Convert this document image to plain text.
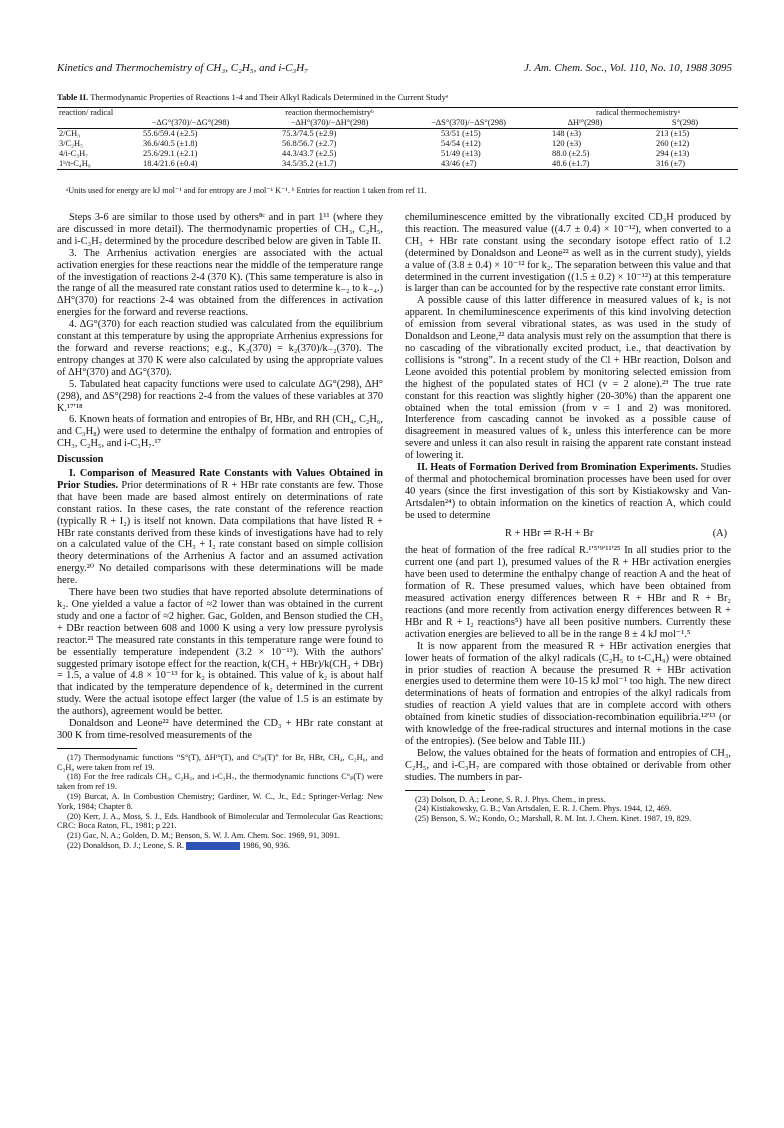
Kinetics and Thermochemistry of CH₃, C₂H₅, and i-C₃H₇	J. Am. Chem. Soc., Vol. 110, No. 10, 1988 3095
Table II. Thermodynamic Properties of Reactions 1-4 and Their Alkyl Radicals Determined in the Current Studyᵃ
reaction/ radical	reaction thermochemistryᵇ			radical thermochemistryᵃ	
	−ΔG°(370)/−ΔG°(298)	−ΔH°(370)/−ΔH°(298)	−ΔS°(370)/−ΔS°(298)	ΔHᶠ°(298)	S°(298)
2/CH₃	55.6/59.4 (±2.5)	75.3/74.5 (±2.9)	53/51 (±15)	148 (±3)	213 (±15)
3/C₂H₅	36.6/40.5 (±1.8)	56.8/56.7 (±2.7)	54/54 (±12)	120 (±3)	260 (±12)
4/i-C₃H₇	25.6/29.1 (±2.1)	44.3/43.7 (±2.5)	51/49 (±13)	88.0 (±2.5)	294 (±13)
1ᵇ/t-C₄H₉	18.4/21.6 (±0.4)	34.5/35.2 (±1.7)	43/46 (±7)	48.6 (±1.7)	316 (±7)
ᵃUnits used for energy are kJ mol⁻¹ and for entropy are J mol⁻¹ K⁻¹. ᵇ Entries for reaction 1 taken from ref 11.

Steps 3-6 are similar to those used by others⁸ᶜ and in part 1¹¹ (where they are discussed in more detail). The thermodynamic properties of CH₃, C₂H₅, and i-C₃H₇ determined by the procedure described below are given in Table II.

3. The Arrhenius activation energies are associated with the actual activation energies for these reactions near the middle of the temperature range of the investigation of reactions 2-4 (370 K). (This same temperature is also in the range of all the measured rate constant ratios used to determine k₋₂ to k₋₄.) ΔH°(370) for reactions 2-4 was obtained from the differences in activation energies for the forward and reverse reactions.

4. ΔG°(370) for each reaction studied was calculated from the equilibrium constant at this temperature by using the appropriate Arrhenius expressions for the forward and reverse reactions; e.g., K₂(370) = k₂(370)/k₋₂(370). The entropy changes at 370 K were also calculated by using the appropriate values of ΔH°(370) and ΔG°(370).

5. Tabulated heat capacity functions were used to calculate ΔG°(298), ΔH°(298), and ΔS°(298) for reactions 2-4 from the values of these variables at 370 K.¹⁷ʹ¹⁸

6. Known heats of formation and entropies of Br, HBr, and RH (CH₄, C₂H₆, and C₃H₈) were used to determine the enthalpy of formation and entropies of CH₃, C₂H₅, and i-C₃H₇.¹⁷

Discussion

I. Comparison of Measured Rate Constants with Values Obtained in Prior Studies. Prior determinations of R + HBr rate constants are few. Those that have been made are based almost entirely on determinations of rate constant ratios. In these cases, the rate constant of the reference reaction (typically R + I₂) is itself not known. Data compilations that have listed R + HBr rate constants derived from these kinds of investigations have had to rely on a calculated value of the CH₃ + I₂ rate constant based on simple collision theory determinations of the Arrhenius A factor and an assumed activation energy.²⁰ No detailed comparisons with these determinations will be made here.

There have been two studies that have reported absolute determinations of k₂. One yielded a value a factor of ≈2 lower than was obtained in the current study and one a factor of ≈2 higher. Gac, Golden, and Benson studied the CH₃ + DBr reaction between 608 and 1000 K using a very low pressure pyrolysis reactor.²¹ The measured rate constants in this temperature range were found to be essentially temperature independent (3.2 × 10⁻¹³). With the authors' suggested primary isotope effect for the reaction, k(CH₃ + HBr)/k(CH₃ + DBr) = 1.5, a value of 4.8 × 10⁻¹³ for k₂ is obtained. This value of k₂ is about half that indicated by the temperature dependence of k₂ determined in the current study. Were the actual isotope effect larger (the value of 1.5 is an estimate by the authors), agreement would be better.

Donaldson and Leone²² have determined the CD₃ + HBr rate constant at 300 K from time-resolved measurements of the

(17) Thermodynamic functions “S°(T), ΔHᶠ°(T), and C°ₚ(T)” for Br, HBr, CH₄, C₂H₆, and C₃H₈ were taken from ref 19.

(18) For the free radicals CH₃, C₂H₅, and i-C₃H₇, the thermodynamic functions C°ₚ(T) were taken from ref 19.

(19) Burcat, A. In Combustion Chemistry; Gardiner, W. C., Jr., Ed.; Springer-Verlag: New York, 1984; Chapter 8.

(20) Kerr, J. A., Moss, S. J., Eds. Handbook of Bimolecular and Termolecular Gas Reactions; CRC: Boca Raton, FL, 1981; p 221.

(21) Gac, N. A.; Golden, D. M.; Benson, S. W. J. Am. Chem. Soc. 1969, 91, 3091.

(22) Donaldson, D. J.; Leone, S. R.	1986, 90, 936.

chemiluminescence emitted by the vibrationally excited CD₃H produced by this reaction. The measured value ((4.7 ± 0.4) × 10⁻¹²), when converted to a CH₃ + HBr rate constant using the secondary isotope effect ratio of 1.2 (determined by Donaldson and Leone²² as well as in the current study), yields a value of (3.8 ± 0.4) × 10⁻¹² for k₂. The separation between this value and that determined in the current investigation ((1.5 ± 0.2) × 10⁻¹²) at this temperature is larger than can be accounted for by the respective rate constant error limits.

A possible cause of this latter difference in measured values of k₂ is not apparent. In chemiluminescence experiments of this kind involving detection of emission from several vibrational states, as was used in the study of Donaldson and Leone,²² data analysis must rely on the assumption that there is no cascading of the vibrationally excited product, i.e., that deactivation by collisions is “strong”. In a recent study of the Cl + HBr reaction, Dolson and Leone avoided this potential problem by monitoring selected emission from the highest of the populated states of HCl (v = 2 alone).²³ The true rate constant for this reaction was slightly higher (20-30%) than the apparent one obtained when the total emission (from v = 1 and 2) was monitored. Interference from cascading cannot be invoked as a possible cause of disagreement in measured values of k₂ unless this interference can be more severe and unless it can also result in raising the apparent rate constant instead of lowering it.

II. Heats of Formation Derived from Bromination Experiments. Studies of thermal and photochemical bromination processes have been used for over 40 years (since the first investigation of this sort by Kistiakowsky and Van-Artsdalen²⁴) to obtain information on the kinetics of reaction A, which could be used to determine

R + HBr ⇌ R-H + Br	(A)

the heat of formation of the free radical R.¹ʹ⁵ʹ⁹ʹ¹¹ʹ²⁵ In all studies prior to the current one (and part 1), presumed values of the R + HBr activation energies have been used to determine the enthalpy change of reaction A and the heat of formation of R. These presumed values, which have been obtained from measured activation energy differences between R + HBr and R + Br₂ reactions (and more recently from activation energy differences between R + HBr and R + I₂ reactions⁵) have all been positive numbers. Currently these activation energies are believed to all be in the range 8 ± 4 kJ mol⁻¹.⁵

It is now apparent from the measured R + HBr activation energies that lower heats of formation of the alkyl radicals (C₂H₅ to t-C₄H₉) were obtained in prior studies of reaction A because the presumed R + HBr activation energies used to determine them were 10-15 kJ mol⁻¹ too high. The new direct determinations of heats of formation and entropies of the alkyl radicals from studies of reaction A yield values that are in complete accord with others obtained from kinetic studies of dissociation-recombination equilibria.¹²ʹ¹³ (or with knowledge of the free-radical structures and internal motions in the case of the entropies). (See below and Table III.)

Below, the values obtained for the heats of formation and entropies of CH₃, C₂H₅, and i-C₃H₇ are compared with those obtained or derivable from other studies. The numbers in par-

(23) Dolson, D. A.; Leone, S. R. J. Phys. Chem., in press.

(24) Kistiakowsky, G. B.; Van Artsdalen, E. R. J. Chem. Phys. 1944, 12, 469.

(25) Benson, S. W.; Kondo, O.; Marshall, R. M. Int. J. Chem. Kinet. 1987, 19, 829.
